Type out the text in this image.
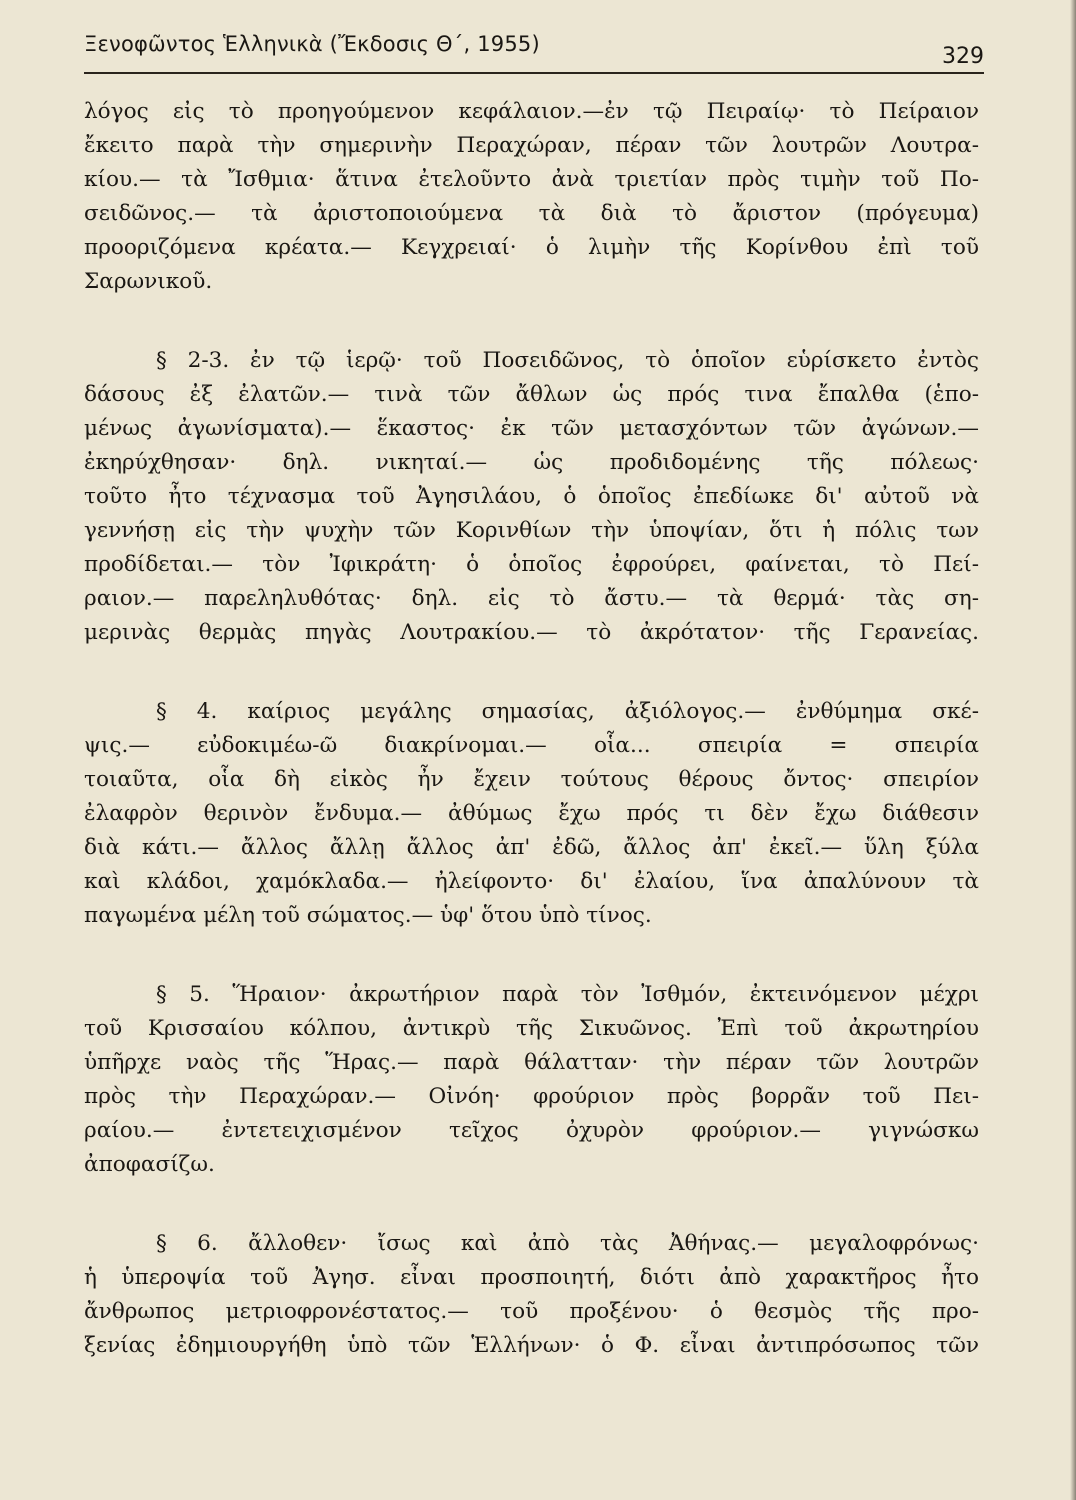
Ξενοφῶντος Ἑλληνικὰ (Ἔκδοσις Θ΄, 1955)	329
λόγος εἰς τὸ προηγούμενον κεφάλαιον.—ἐν τῷ Πειραίῳ· τὸ Πείραιον
ἔκειτο παρὰ τὴν σημερινὴν Περαχώραν, πέραν τῶν λουτρῶν Λουτρα-
κίου.— τὰ Ἴσθμια· ἅτινα ἐτελοῦντο ἀνὰ τριετίαν πρὸς τιμὴν τοῦ Πο-
σειδῶνος.— τὰ ἀριστοποιούμενα τὰ διὰ τὸ ἄριστον (πρόγευμα)
προοριζόμενα κρέατα.— Κεγχρειαί· ὁ λιμὴν τῆς Κορίνθου ἐπὶ τοῦ
Σαρωνικοῦ.
§ 2-3. ἐν τῷ ἱερῷ· τοῦ Ποσειδῶνος, τὸ ὁποῖον εὑρίσκετο ἐντὸς
δάσους ἐξ ἐλατῶν.— τινὰ τῶν ἄθλων ὡς πρός τινα ἔπαλθα (ἑπο-
μένως ἀγωνίσματα).— ἕκαστος· ἐκ τῶν μετασχόντων τῶν ἀγώνων.—
ἐκηρύχθησαν· δηλ. νικηταί.— ὡς προδιδομένης τῆς πόλεως·
τοῦτο ἦτο τέχνασμα τοῦ Ἀγησιλάου, ὁ ὁποῖος ἐπεδίωκε δι' αὐτοῦ νὰ
γεννήσῃ εἰς τὴν ψυχὴν τῶν Κορινθίων τὴν ὑποψίαν, ὅτι ἡ πόλις των
προδίδεται.— τὸν Ἰφικράτη· ὁ ὁποῖος ἐφρούρει, φαίνεται, τὸ Πεί-
ραιον.— παρεληλυθότας· δηλ. εἰς τὸ ἄστυ.— τὰ θερμά· τὰς ση-
μερινὰς θερμὰς πηγὰς Λουτρακίου.— τὸ ἀκρότατον· τῆς Γερανείας.
§ 4. καίριος μεγάλης σημασίας, ἀξιόλογος.— ἐνθύμημα σκέ-
ψις.— εὐδοκιμέω-ῶ διακρίνομαι.— οἷα... σπειρία = σπειρία
τοιαῦτα, οἷα δὴ εἰκὸς ἦν ἔχειν τούτους θέρους ὄντος· σπειρίον
ἐλαφρὸν θερινὸν ἔνδυμα.— ἀθύμως ἔχω πρός τι δὲν ἔχω διάθεσιν
διὰ κάτι.— ἄλλος ἄλλῃ ἄλλος ἀπ' ἐδῶ, ἄλλος ἀπ' ἐκεῖ.— ὕλη ξύλα
καὶ κλάδοι, χαμόκλαδα.— ἠλείφοντο· δι' ἐλαίου, ἵνα ἀπαλύνουν τὰ
παγωμένα μέλη τοῦ σώματος.— ὑφ' ὅτου ὑπὸ τίνος.
§ 5. Ἥραιον· ἀκρωτήριον παρὰ τὸν Ἰσθμόν, ἐκτεινόμενον μέχρι
τοῦ Κρισσαίου κόλπου, ἀντικρὺ τῆς Σικυῶνος. Ἐπὶ τοῦ ἀκρωτηρίου
ὑπῆρχε ναὸς τῆς Ἥρας.— παρὰ θάλατταν· τὴν πέραν τῶν λουτρῶν
πρὸς τὴν Περαχώραν.— Οἰνόη· φρούριον πρὸς βορρᾶν τοῦ Πει-
ραίου.— ἐντετειχισμένον τεῖχος ὀχυρὸν φρούριον.— γιγνώσκω
ἀποφασίζω.
§ 6. ἄλλοθεν· ἴσως καὶ ἀπὸ τὰς Ἀθήνας.— μεγαλοφρόνως·
ἡ ὑπεροψία τοῦ Ἀγησ. εἶναι προσποιητή, διότι ἀπὸ χαρακτῆρος ἦτο
ἄνθρωπος μετριοφρονέστατος.— τοῦ προξένου· ὁ θεσμὸς τῆς προ-
ξενίας ἐδημιουργήθη ὑπὸ τῶν Ἑλλήνων· ὁ Φ. εἶναι ἀντιπρόσωπος τῶν
